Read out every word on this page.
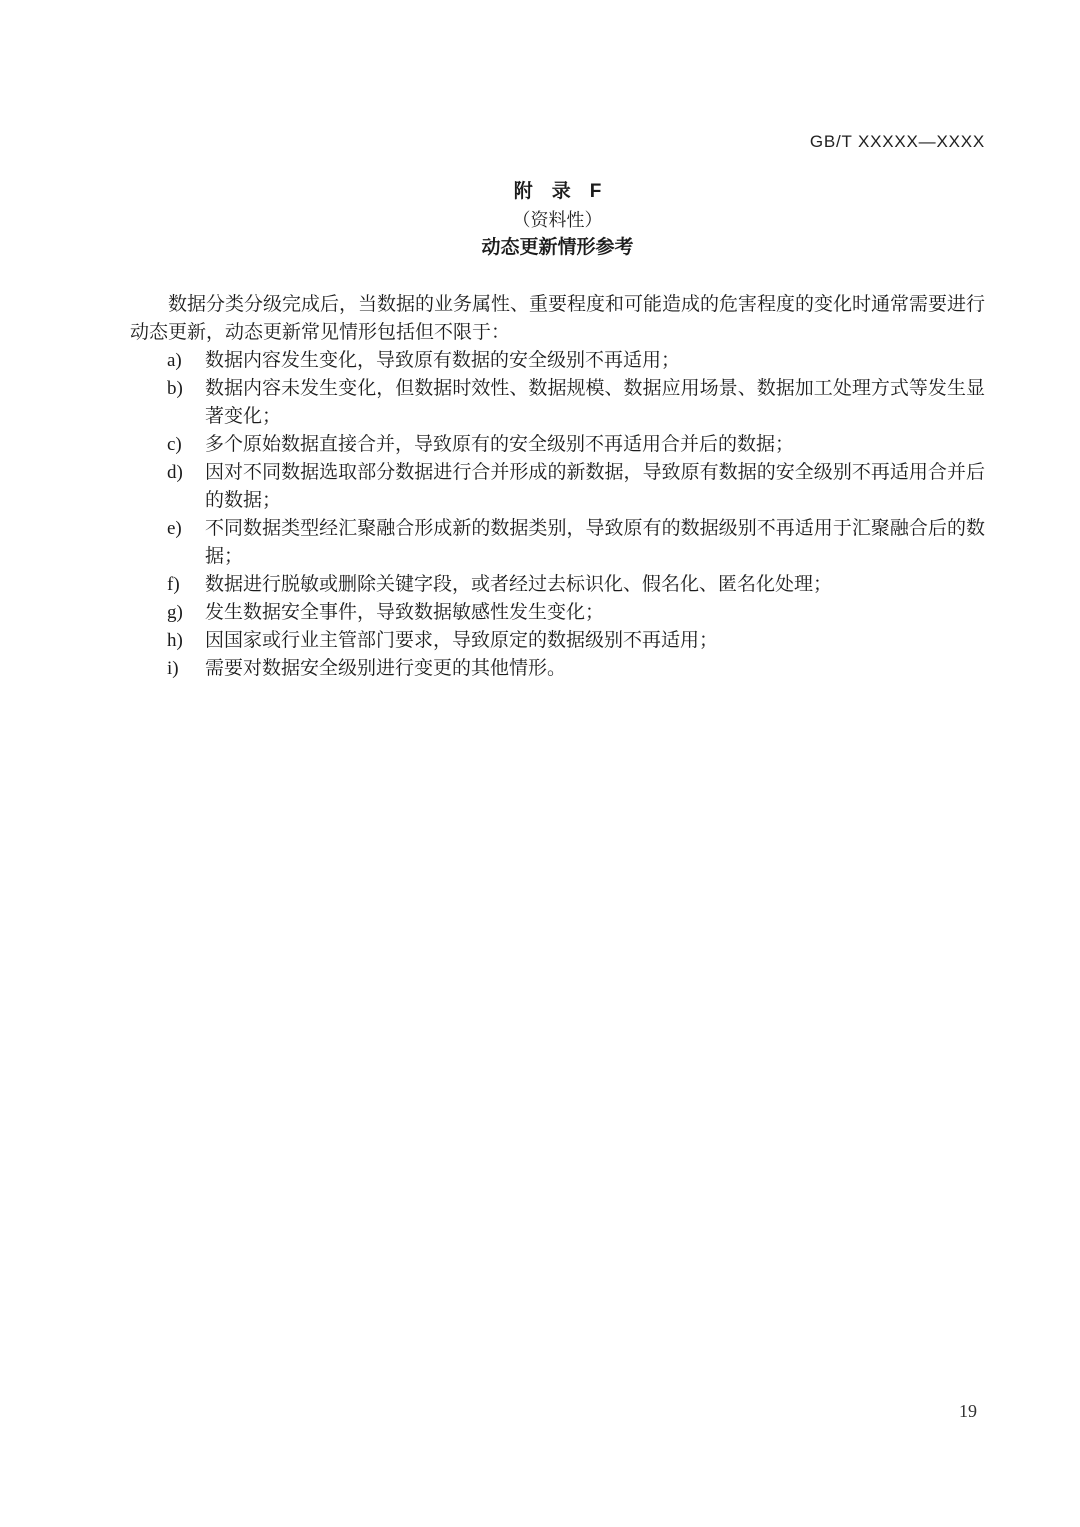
GB/T XXXXX—XXXX
附　录　F
（资料性）
动态更新情形参考

数据分类分级完成后，当数据的业务属性、重要程度和可能造成的危害程度的变化时通常需要进行动态更新，动态更新常见情形包括但不限于：

a)	数据内容发生变化，导致原有数据的安全级别不再适用；
b)	数据内容未发生变化，但数据时效性、数据规模、数据应用场景、数据加工处理方式等发生显著变化；
c)	多个原始数据直接合并，导致原有的安全级别不再适用合并后的数据；
d)	因对不同数据选取部分数据进行合并形成的新数据，导致原有数据的安全级别不再适用合并后的数据；
e)	不同数据类型经汇聚融合形成新的数据类别，导致原有的数据级别不再适用于汇聚融合后的数据；
f)	数据进行脱敏或删除关键字段，或者经过去标识化、假名化、匿名化处理；
g)	发生数据安全事件，导致数据敏感性发生变化；
h)	因国家或行业主管部门要求，导致原定的数据级别不再适用；
i)	需要对数据安全级别进行变更的其他情形。
19
